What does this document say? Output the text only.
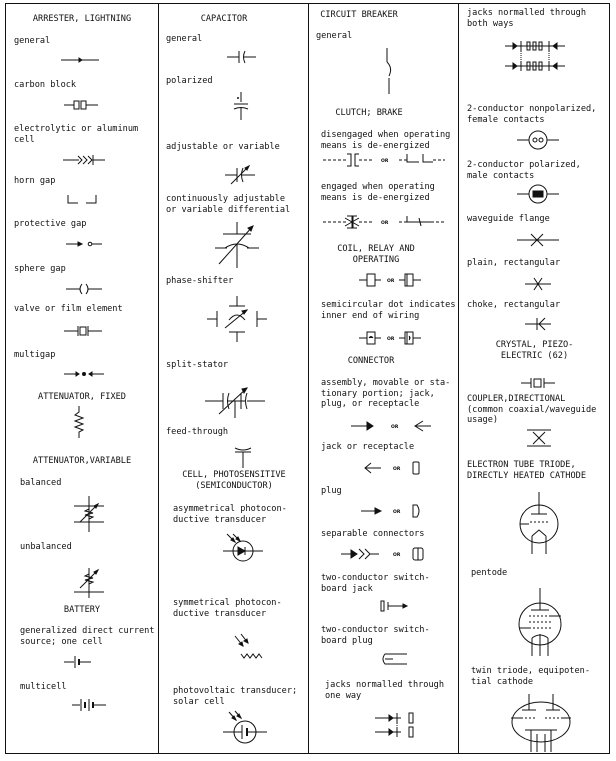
ARRESTER, LIGHTNING
general
carbon block
electrolytic or aluminum
cell
horn gap
protective gap
sphere gap
valve or film element
multigap
ATTENUATOR, FIXED
ATTENUATOR,VARIABLE
balanced
unbalanced
BATTERY
generalized direct current
source; one cell
multicell
CAPACITOR
general
polarized
adjustable or variable
continuously adjustable
or variable differential
phase-shifter
split-stator
feed-through
CELL, PHOTOSENSITIVE
(SEMICONDUCTOR)
asymmetrical photocon-
ductive transducer
symmetrical photocon-
ductive transducer
photovoltaic transducer;
solar cell
CIRCUIT BREAKER
general
CLUTCH; BRAKE
disengaged when operating
means is de-energized
OR
engaged when operating
means is de-energized
OR
COIL, RELAY AND
OPERATING
OR
semicircular dot indicates
inner end of wiring
OR
CONNECTOR
assembly, movable or sta-
tionary portion; jack,
plug, or receptacle
OR
jack or receptacle
OR
plug
OR
separable connectors
OR
two-conductor switch-
board jack
two-conductor switch-
board plug
jacks normalled through
one way
jacks normalled through
both ways
2-conductor nonpolarized,
female contacts
2-conductor polarized,
male contacts
waveguide flange
plain, rectangular
choke, rectangular
CRYSTAL, PIEZO-
ELECTRIC (62)
COUPLER,DIRECTIONAL
(common coaxial/waveguide
usage)
ELECTRON TUBE TRIODE,
DIRECTLY HEATED CATHODE
pentode
twin triode, equipoten-
tial cathode
